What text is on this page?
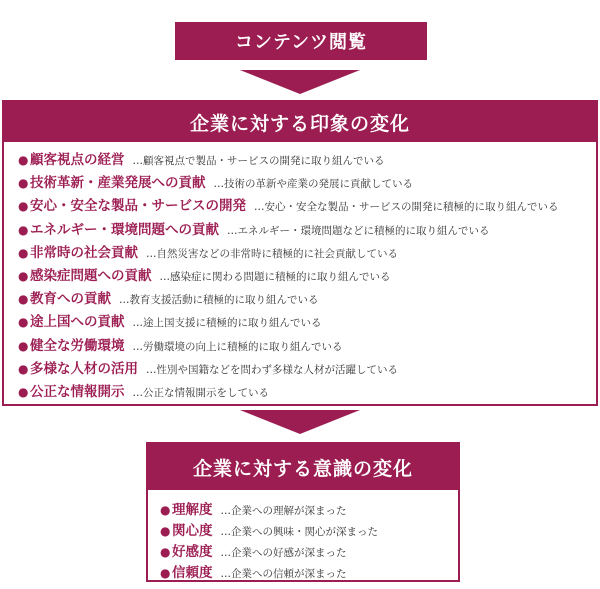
コンテンツ閲覧
企業に対する印象の変化
● 顧客視点の経営 …顧客視点で製品・サービスの開発に取り組んでいる
● 技術革新・産業発展への貢献 …技術の革新や産業の発展に貢献している
● 安心・安全な製品・サービスの開発 …安心・安全な製品・サービスの開発に積極的に取り組んでいる
● エネルギー・環境問題への貢献 …エネルギー・環境問題などに積極的に取り組んでいる
● 非常時の社会貢献 …自然災害などの非常時に積極的に社会貢献している
● 感染症問題への貢献 …感染症に関わる問題に積極的に取り組んでいる
● 教育への貢献 …教育支援活動に積極的に取り組んでいる
● 途上国への貢献 …途上国支援に積極的に取り組んでいる
● 健全な労働環境 …労働環境の向上に積極的に取り組んでいる
● 多様な人材の活用 …性別や国籍などを問わず多様な人材が活躍している
● 公正な情報開示 …公正な情報開示をしている
企業に対する意識の変化
● 理解度 …企業への理解が深まった
● 関心度 …企業への興味・関心が深まった
● 好感度 …企業への好感が深まった
● 信頼度 …企業への信頼が深まった
